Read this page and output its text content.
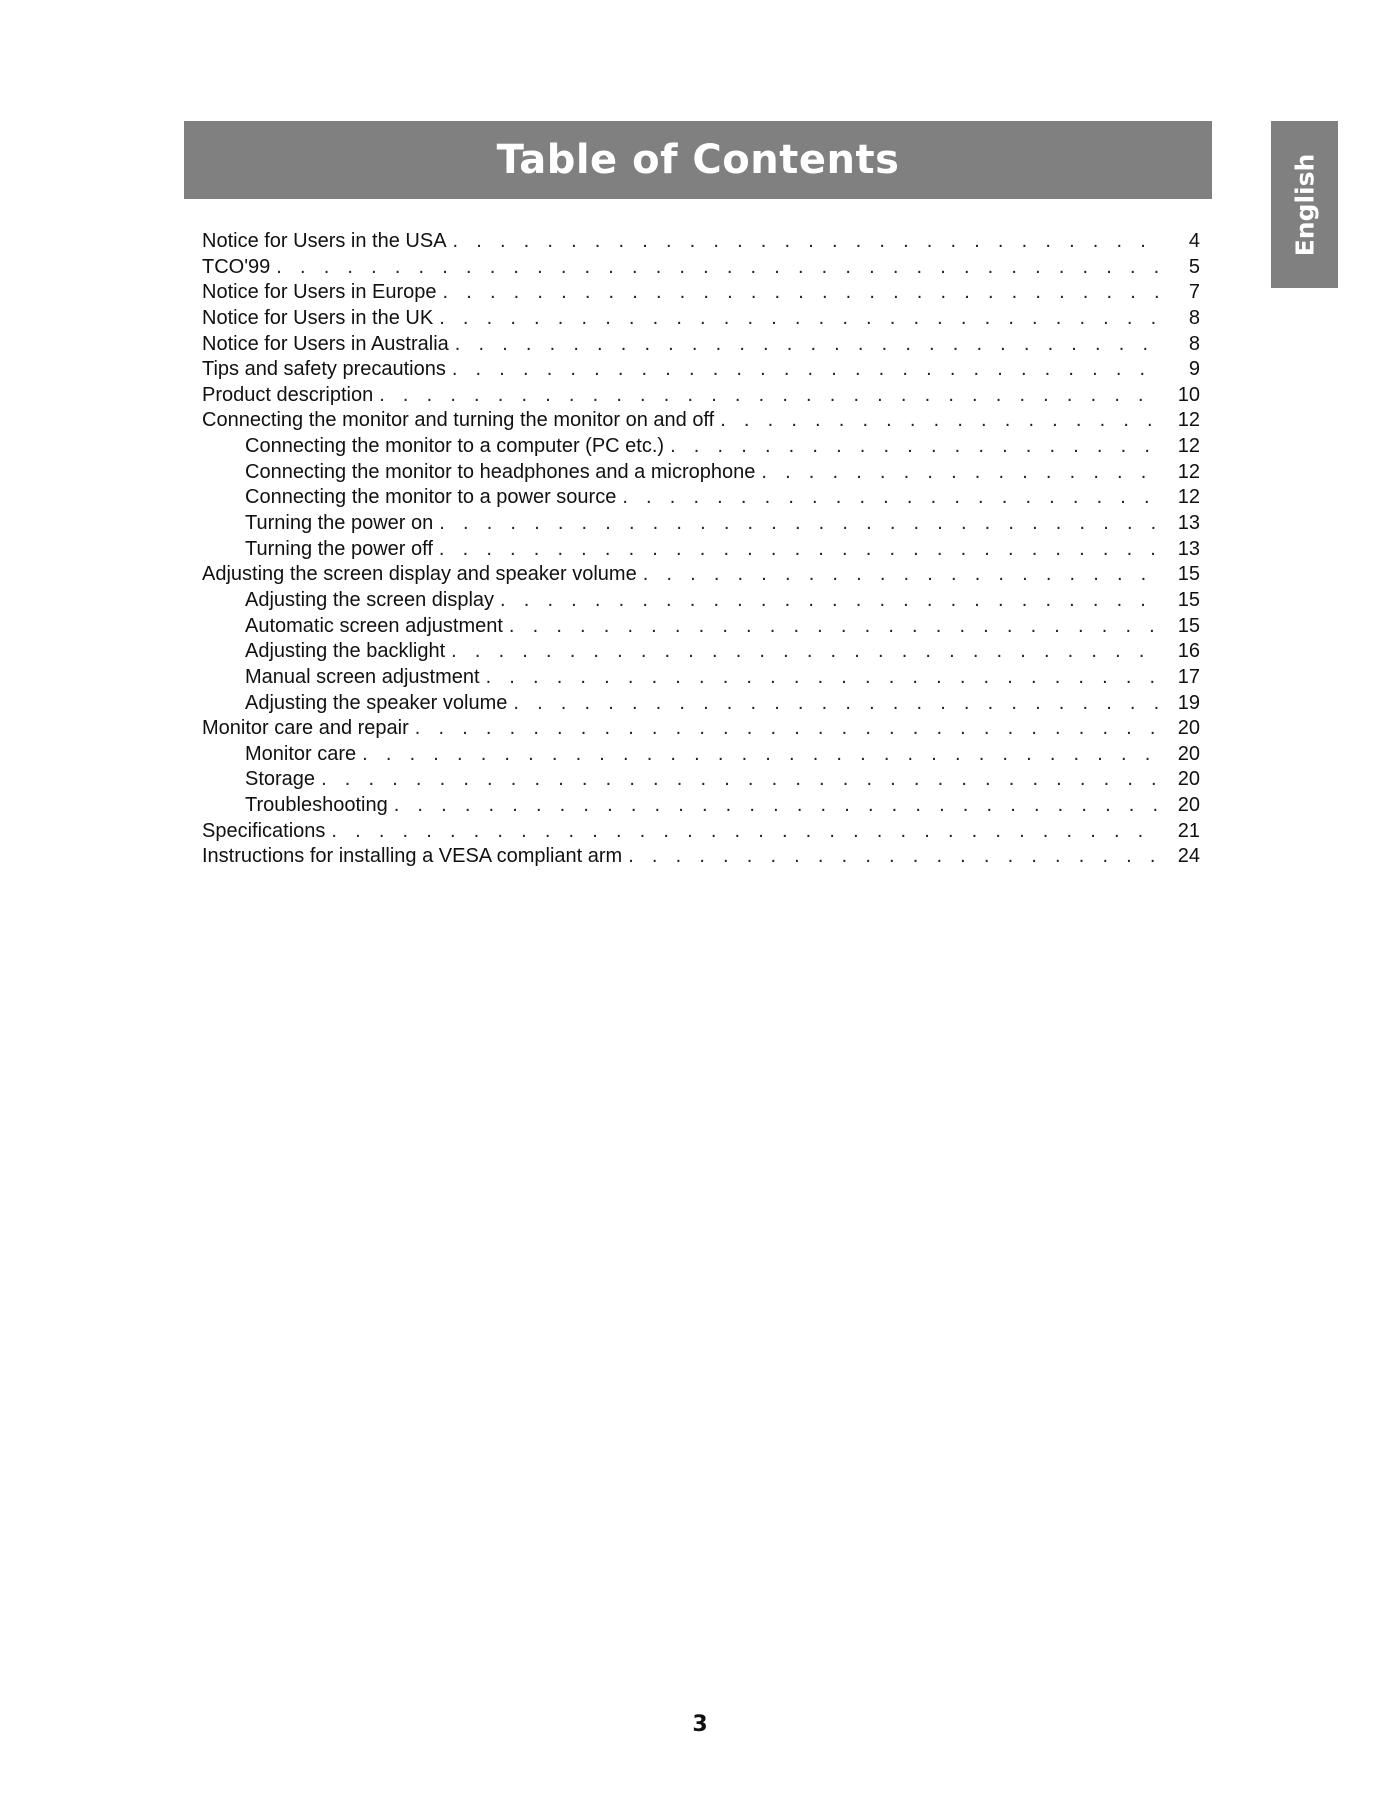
Table of Contents	English
Notice for Users in the USA . . .	4
TCO'99 . . .	5
Notice for Users in Europe . . .	7
Notice for Users in the UK . . .	8
Notice for Users in Australia . . .	8
Tips and safety precautions . . .	9
Product description . . .	10
Connecting the monitor and turning the monitor on and off . . .	12
Connecting the monitor to a computer (PC etc.) . . .	12
Connecting the monitor to headphones and a microphone . . .	12
Connecting the monitor to a power source . . .	12
Turning the power on . . .	13
Turning the power off . . .	13
Adjusting the screen display and speaker volume . . .	15
Adjusting the screen display . . .	15
Automatic screen adjustment . . .	15
Adjusting the backlight . . .	16
Manual screen adjustment . . .	17
Adjusting the speaker volume . . .	19
Monitor care and repair . . .	20
Monitor care . . .	20
Storage . . .	20
Troubleshooting . . .	20
Specifications . . .	21
Instructions for installing a VESA compliant arm . . .	24
3
